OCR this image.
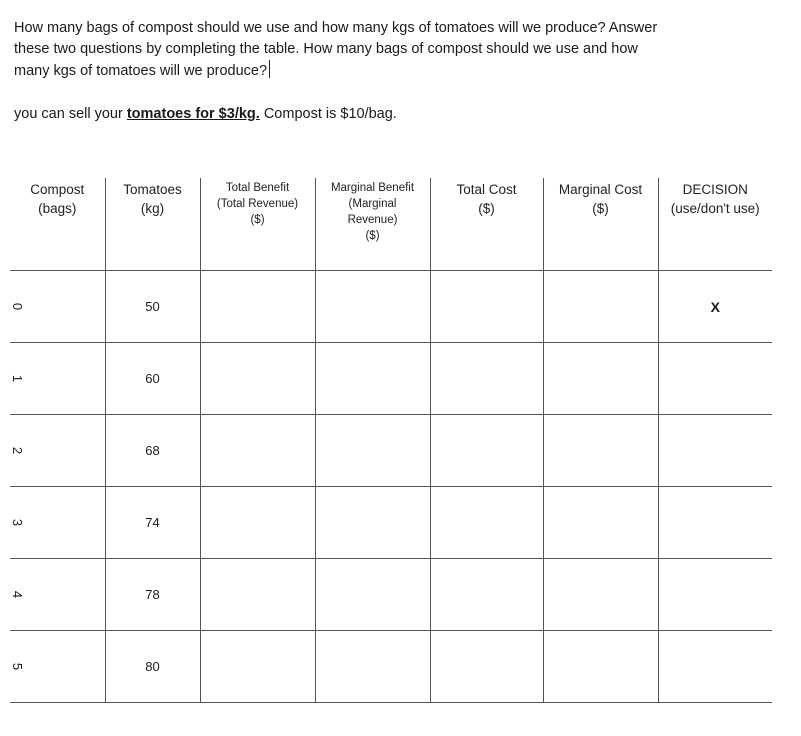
How many bags of compost should we use and how many kgs of tomatoes will we produce? Answer
these two questions by completing the table. How many bags of compost should we use and how
many kgs of tomatoes will we produce?
you can sell your tomatoes for $3/kg. Compost is $10/bag.
Compost
(bags)	Tomatoes
(kg)	Total Benefit
(Total Revenue)
($)	Marginal Benefit
(Marginal
Revenue)
($)	Total Cost
($)	Marginal Cost
($)	DECISION
(use/don't use)

0	50					X
1	60					
2	68					
3	74					
4	78					
5	80					
